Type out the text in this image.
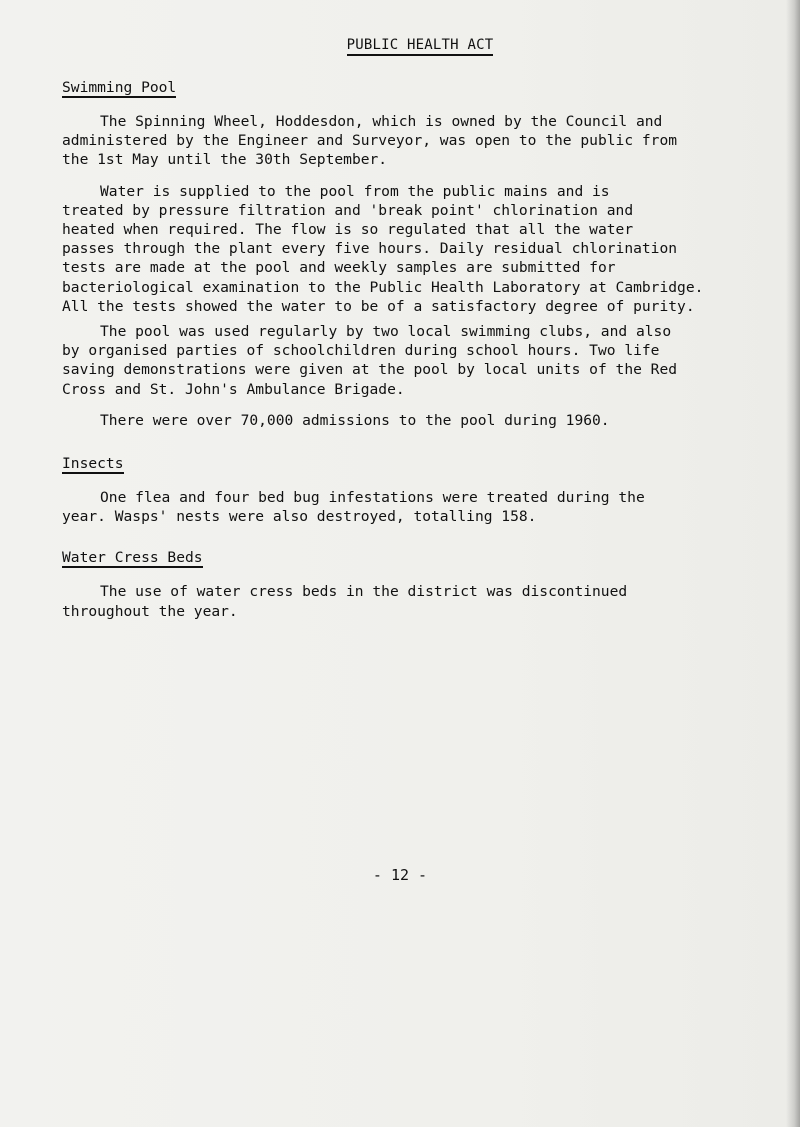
PUBLIC HEALTH ACT
Swimming Pool

The Spinning Wheel, Hoddesdon, which is owned by the Council and
administered by the Engineer and Surveyor, was open to the public from
the 1st May until the 30th September.

Water is supplied to the pool from the public mains and is
treated by pressure filtration and 'break point' chlorination and
heated when required. The flow is so regulated that all the water
passes through the plant every five hours. Daily residual chlorination
tests are made at the pool and weekly samples are submitted for
bacteriological examination to the Public Health Laboratory at Cambridge.
All the tests showed the water to be of a satisfactory degree of purity.

The pool was used regularly by two local swimming clubs, and also
by organised parties of schoolchildren during school hours. Two life
saving demonstrations were given at the pool by local units of the Red
Cross and St. John's Ambulance Brigade.

There were over 70,000 admissions to the pool during 1960.

Insects

One flea and four bed bug infestations were treated during the
year. Wasps' nests were also destroyed, totalling 158.

Water Cress Beds

The use of water cress beds in the district was discontinued
throughout the year.

- 12 -
